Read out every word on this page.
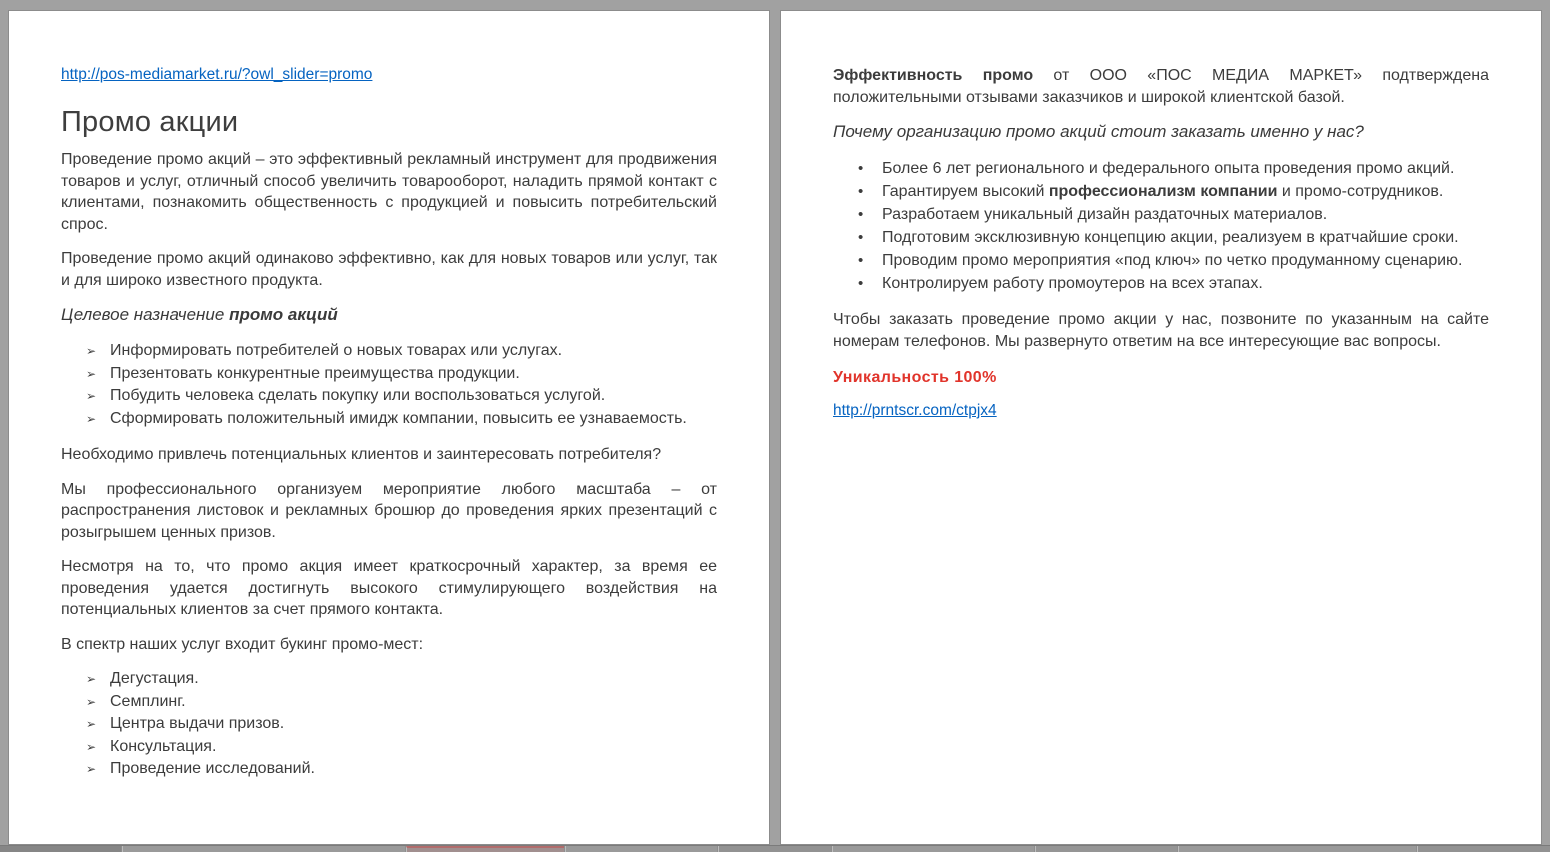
http://pos-mediamarket.ru/?owl_slider=promo
Промо акции

Проведение промо акций – это эффективный рекламный инструмент для продвижения товаров и услуг, отличный способ увеличить товарооборот, наладить прямой контакт с клиентами, познакомить общественность с продукцией и повысить потребительский спрос.

Проведение промо акций одинаково эффективно, как для новых товаров или услуг, так и для широко известного продукта.

Целевое назначение промо акций
➢ Информировать потребителей о новых товарах или услугах.
➢ Презентовать конкурентные преимущества продукции.
➢ Побудить человека сделать покупку или воспользоваться услугой.
➢ Сформировать положительный имидж компании, повысить ее узнаваемость.

Необходимо привлечь потенциальных клиентов и заинтересовать потребителя?

Мы профессионального организуем мероприятие любого масштаба – от распространения листовок и рекламных брошюр до проведения ярких презентаций с розыгрышем ценных призов.

Несмотря на то, что промо акция имеет краткосрочный характер, за время ее проведения удается достигнуть высокого стимулирующего воздействия на потенциальных клиентов за счет прямого контакта.

В спектр наших услуг входит букинг промо-мест:

➢ Дегустация.
➢ Семплинг.
➢ Центра выдачи призов.
➢ Консультация.
➢ Проведение исследований.

Эффективность промо от ООО «ПОС МЕДИА МАРКЕТ» подтверждена положительными отзывами заказчиков и широкой клиентской базой.

Почему организацию промо акций стоит заказать именно у нас?
•	Более 6 лет регионального и федерального опыта проведения промо акций.
•	Гарантируем высокий профессионализм компании и промо-сотрудников.
•	Разработаем уникальный дизайн раздаточных материалов.
•	Подготовим эксклюзивную концепцию акции, реализуем в кратчайшие сроки.
•	Проводим промо мероприятия «под ключ» по четко продуманному сценарию.
•	Контролируем работу промоутеров на всех этапах.

Чтобы заказать проведение промо акции у нас, позвоните по указанным на сайте номерам телефонов. Мы развернуто ответим на все интересующие вас вопросы.

Уникальность 100%

http://prntscr.com/ctpjx4
